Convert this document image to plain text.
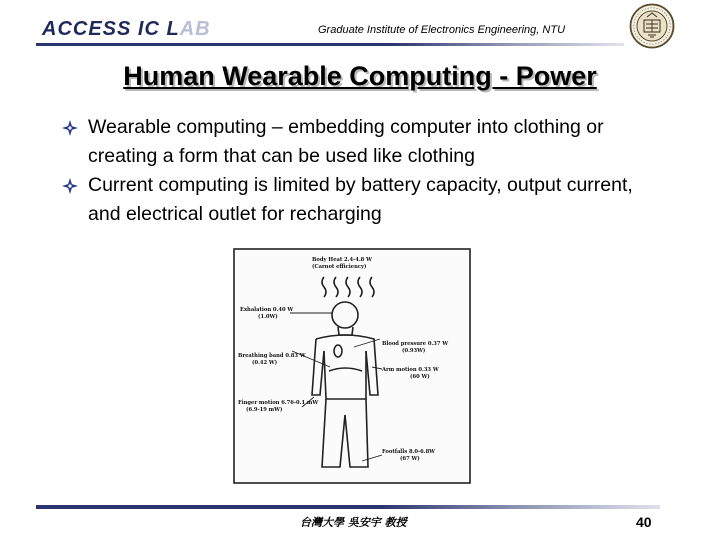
ACCESS IC LAB	Graduate Institute of Electronics Engineering, NTU
Human Wearable Computing - Power
Wearable computing – embedding computer into clothing or creating a form that can be used like clothing
Current computing is limited by battery capacity, output current, and electrical outlet for recharging
Body Heat 2.4-4.8 W
(Carnot efficiency)
Exhalation 0.40 W
(1.0W)
Breathing band 0.83 W
(0.42 W)
Finger motion 6.76-0.1 mW
(6.9-19 mW)
Blood pressure 0.37 W
(0.93W)
Arm motion 0.33 W
(60 W)
Footfalls 8.0-6.8W
(67 W)
台灣大學 吳安宇 教授	40
